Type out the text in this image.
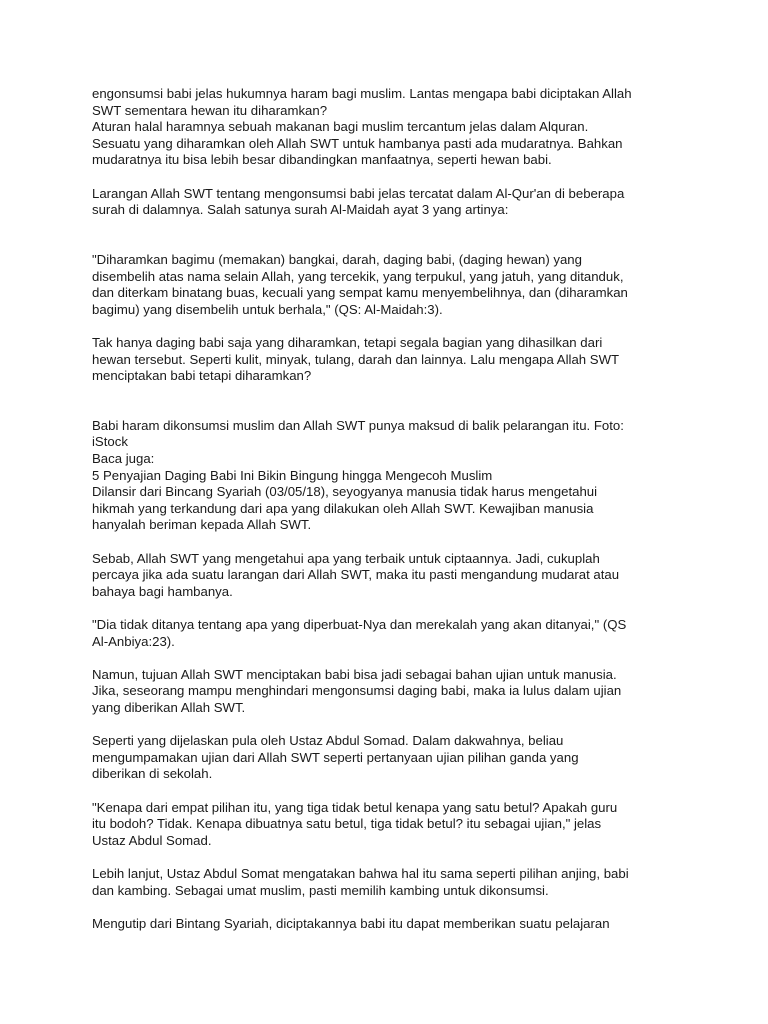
engonsumsi babi jelas hukumnya haram bagi muslim. Lantas mengapa babi diciptakan Allah
SWT sementara hewan itu diharamkan?
Aturan halal haramnya sebuah makanan bagi muslim tercantum jelas dalam Alquran.
Sesuatu yang diharamkan oleh Allah SWT untuk hambanya pasti ada mudaratnya. Bahkan
mudaratnya itu bisa lebih besar dibandingkan manfaatnya, seperti hewan babi.

Larangan Allah SWT tentang mengonsumsi babi jelas tercatat dalam Al-Qur'an di beberapa
surah di dalamnya. Salah satunya surah Al-Maidah ayat 3 yang artinya:

"Diharamkan bagimu (memakan) bangkai, darah, daging babi, (daging hewan) yang
disembelih atas nama selain Allah, yang tercekik, yang terpukul, yang jatuh, yang ditanduk,
dan diterkam binatang buas, kecuali yang sempat kamu menyembelihnya, dan (diharamkan
bagimu) yang disembelih untuk berhala," (QS: Al-Maidah:3).

Tak hanya daging babi saja yang diharamkan, tetapi segala bagian yang dihasilkan dari
hewan tersebut. Seperti kulit, minyak, tulang, darah dan lainnya. Lalu mengapa Allah SWT
menciptakan babi tetapi diharamkan?

Babi haram dikonsumsi muslim dan Allah SWT punya maksud di balik pelarangan itu. Foto:
iStock
Baca juga:
5 Penyajian Daging Babi Ini Bikin Bingung hingga Mengecoh Muslim
Dilansir dari Bincang Syariah (03/05/18), seyogyanya manusia tidak harus mengetahui
hikmah yang terkandung dari apa yang dilakukan oleh Allah SWT. Kewajiban manusia
hanyalah beriman kepada Allah SWT.

Sebab, Allah SWT yang mengetahui apa yang terbaik untuk ciptaannya. Jadi, cukuplah
percaya jika ada suatu larangan dari Allah SWT, maka itu pasti mengandung mudarat atau
bahaya bagi hambanya.

"Dia tidak ditanya tentang apa yang diperbuat-Nya dan merekalah yang akan ditanyai," (QS
Al-Anbiya:23).

Namun, tujuan Allah SWT menciptakan babi bisa jadi sebagai bahan ujian untuk manusia.
Jika, seseorang mampu menghindari mengonsumsi daging babi, maka ia lulus dalam ujian
yang diberikan Allah SWT.

Seperti yang dijelaskan pula oleh Ustaz Abdul Somad. Dalam dakwahnya, beliau
mengumpamakan ujian dari Allah SWT seperti pertanyaan ujian pilihan ganda yang
diberikan di sekolah.

"Kenapa dari empat pilihan itu, yang tiga tidak betul kenapa yang satu betul? Apakah guru
itu bodoh? Tidak. Kenapa dibuatnya satu betul, tiga tidak betul? itu sebagai ujian," jelas
Ustaz Abdul Somad.

Lebih lanjut, Ustaz Abdul Somat mengatakan bahwa hal itu sama seperti pilihan anjing, babi
dan kambing. Sebagai umat muslim, pasti memilih kambing untuk dikonsumsi.

Mengutip dari Bintang Syariah, diciptakannya babi itu dapat memberikan suatu pelajaran
